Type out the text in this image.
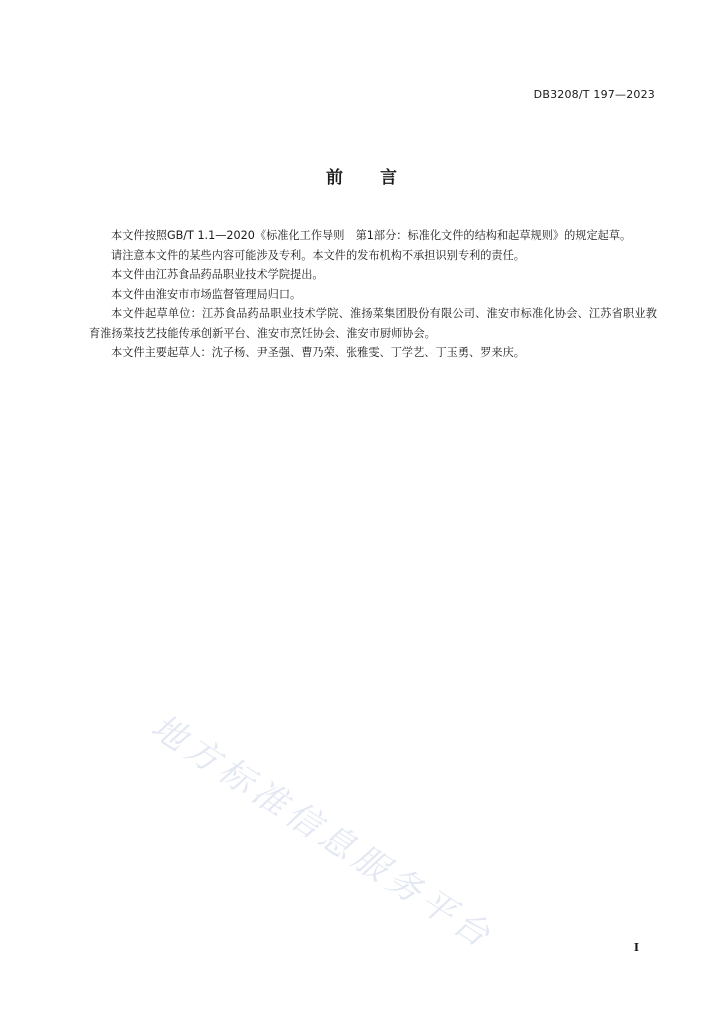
DB3208/T 197—2023
前 言

本文件按照GB/T 1.1—2020《标准化工作导则　第1部分：标准化文件的结构和起草规则》的规定起草。

请注意本文件的某些内容可能涉及专利。本文件的发布机构不承担识别专利的责任。

本文件由江苏食品药品职业技术学院提出。

本文件由淮安市市场监督管理局归口。

本文件起草单位：江苏食品药品职业技术学院、淮扬菜集团股份有限公司、淮安市标准化协会、江苏省职业教育淮扬菜技艺技能传承创新平台、淮安市烹饪协会、淮安市厨师协会。

本文件主要起草人：沈子杨、尹圣强、曹乃荣、张雅雯、丁学艺、丁玉勇、罗来庆。

地方标准信息服务平台	I
